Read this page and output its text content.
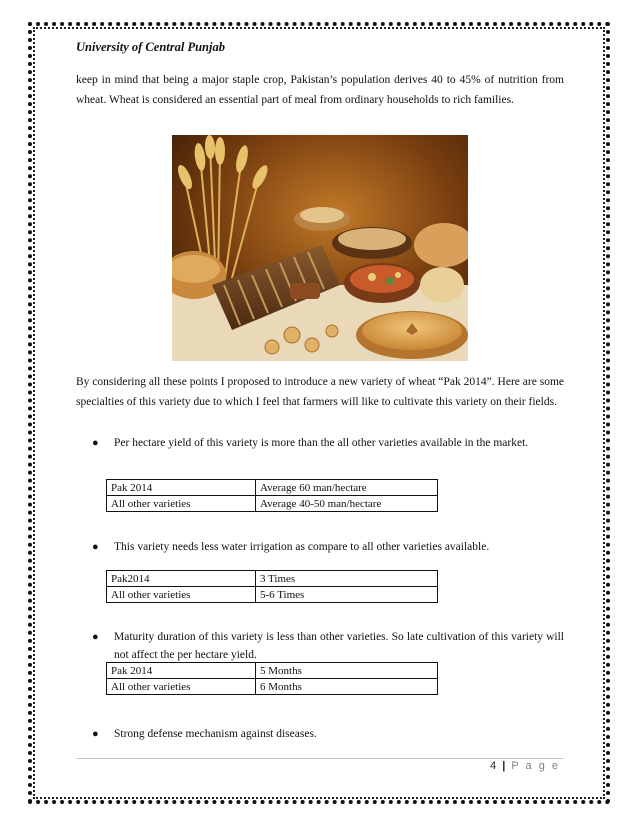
University of Central Punjab

keep in mind that being a major staple crop, Pakistan’s population derives 40 to 45% of nutrition from wheat. Wheat is considered an essential part of meal from ordinary households to rich families.

By considering all these points I proposed to introduce a new variety of wheat “Pak 2014”. Here are some specialties of this variety due to which I feel that farmers will like to cultivate this variety on their fields.

● Per hectare yield of this variety is more than the all other varieties available in the market.
Pak 2014	Average 60 man/hectare
All other varieties	Average 40-50 man/hectare
● This variety needs less water irrigation as compare to all other varieties available.
Pak2014	3 Times
All other varieties	5-6 Times
● Maturity duration of this variety is less than other varieties. So late cultivation of this variety will not affect the per hectare yield.
Pak 2014	5 Months
All other varieties	6 Months
● Strong defense mechanism against diseases.
4 | P a g e
